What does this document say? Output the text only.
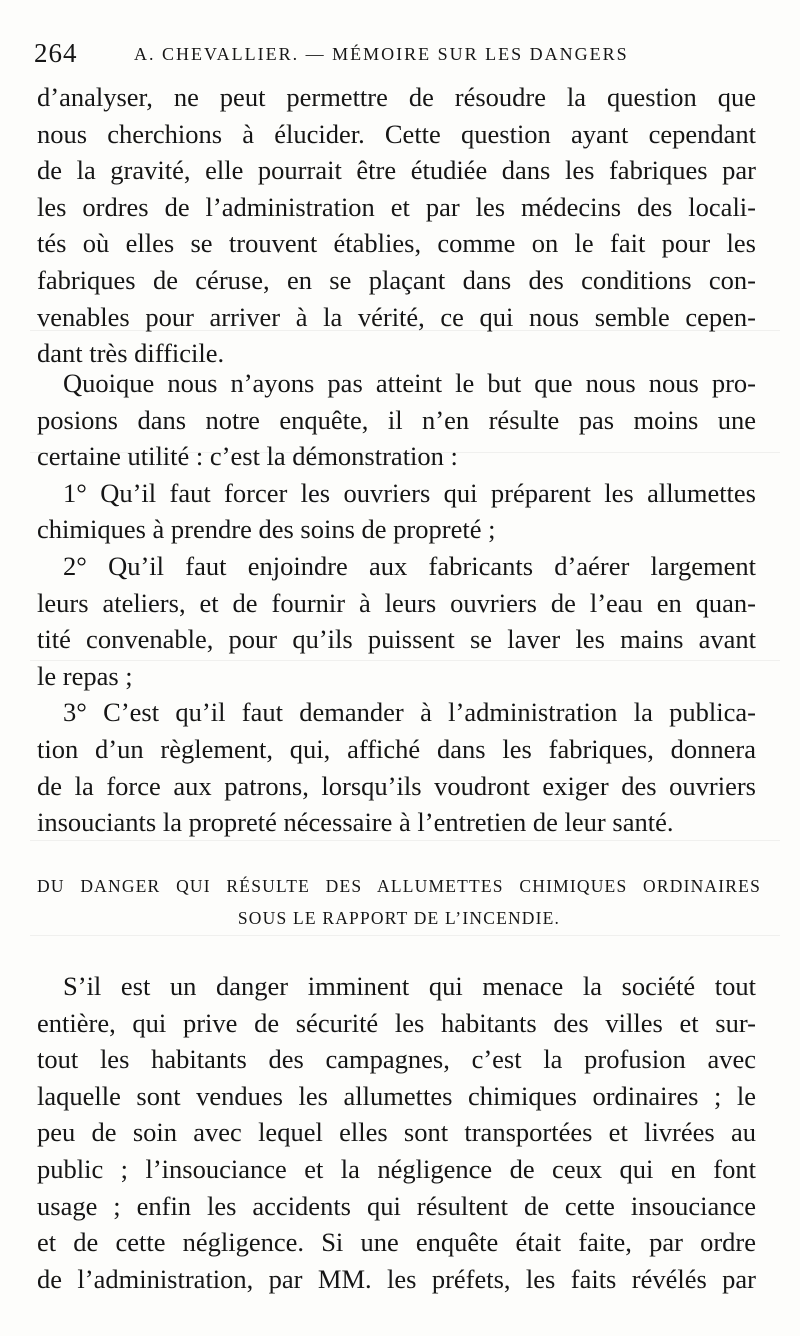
264	A. CHEVALLIER. — MÉMOIRE SUR LES DANGERS
d’analyser, ne peut permettre de résoudre la question que
nous cherchions à élucider. Cette question ayant cependant
de la gravité, elle pourrait être étudiée dans les fabriques par
les ordres de l’administration et par les médecins des locali-
tés où elles se trouvent établies, comme on le fait pour les
fabriques de céruse, en se plaçant dans des conditions con-
venables pour arriver à la vérité, ce qui nous semble cepen-
dant très difficile.
Quoique nous n’ayons pas atteint le but que nous nous pro-
posions dans notre enquête, il n’en résulte pas moins une
certaine utilité : c’est la démonstration :
1° Qu’il faut forcer les ouvriers qui préparent les allumettes
chimiques à prendre des soins de propreté ;
2° Qu’il faut enjoindre aux fabricants d’aérer largement
leurs ateliers, et de fournir à leurs ouvriers de l’eau en quan-
tité convenable, pour qu’ils puissent se laver les mains avant
le repas ;
3° C’est qu’il faut demander à l’administration la publica-
tion d’un règlement, qui, affiché dans les fabriques, donnera
de la force aux patrons, lorsqu’ils voudront exiger des ouvriers
insouciants la propreté nécessaire à l’entretien de leur santé.
DU DANGER QUI RÉSULTE DES ALLUMETTES CHIMIQUES ORDINAIRES
SOUS LE RAPPORT DE L’INCENDIE.
S’il est un danger imminent qui menace la société tout
entière, qui prive de sécurité les habitants des villes et sur-
tout les habitants des campagnes, c’est la profusion avec
laquelle sont vendues les allumettes chimiques ordinaires ; le
peu de soin avec lequel elles sont transportées et livrées au
public ; l’insouciance et la négligence de ceux qui en font
usage ; enfin les accidents qui résultent de cette insouciance
et de cette négligence. Si une enquête était faite, par ordre
de l’administration, par MM. les préfets, les faits révélés par
